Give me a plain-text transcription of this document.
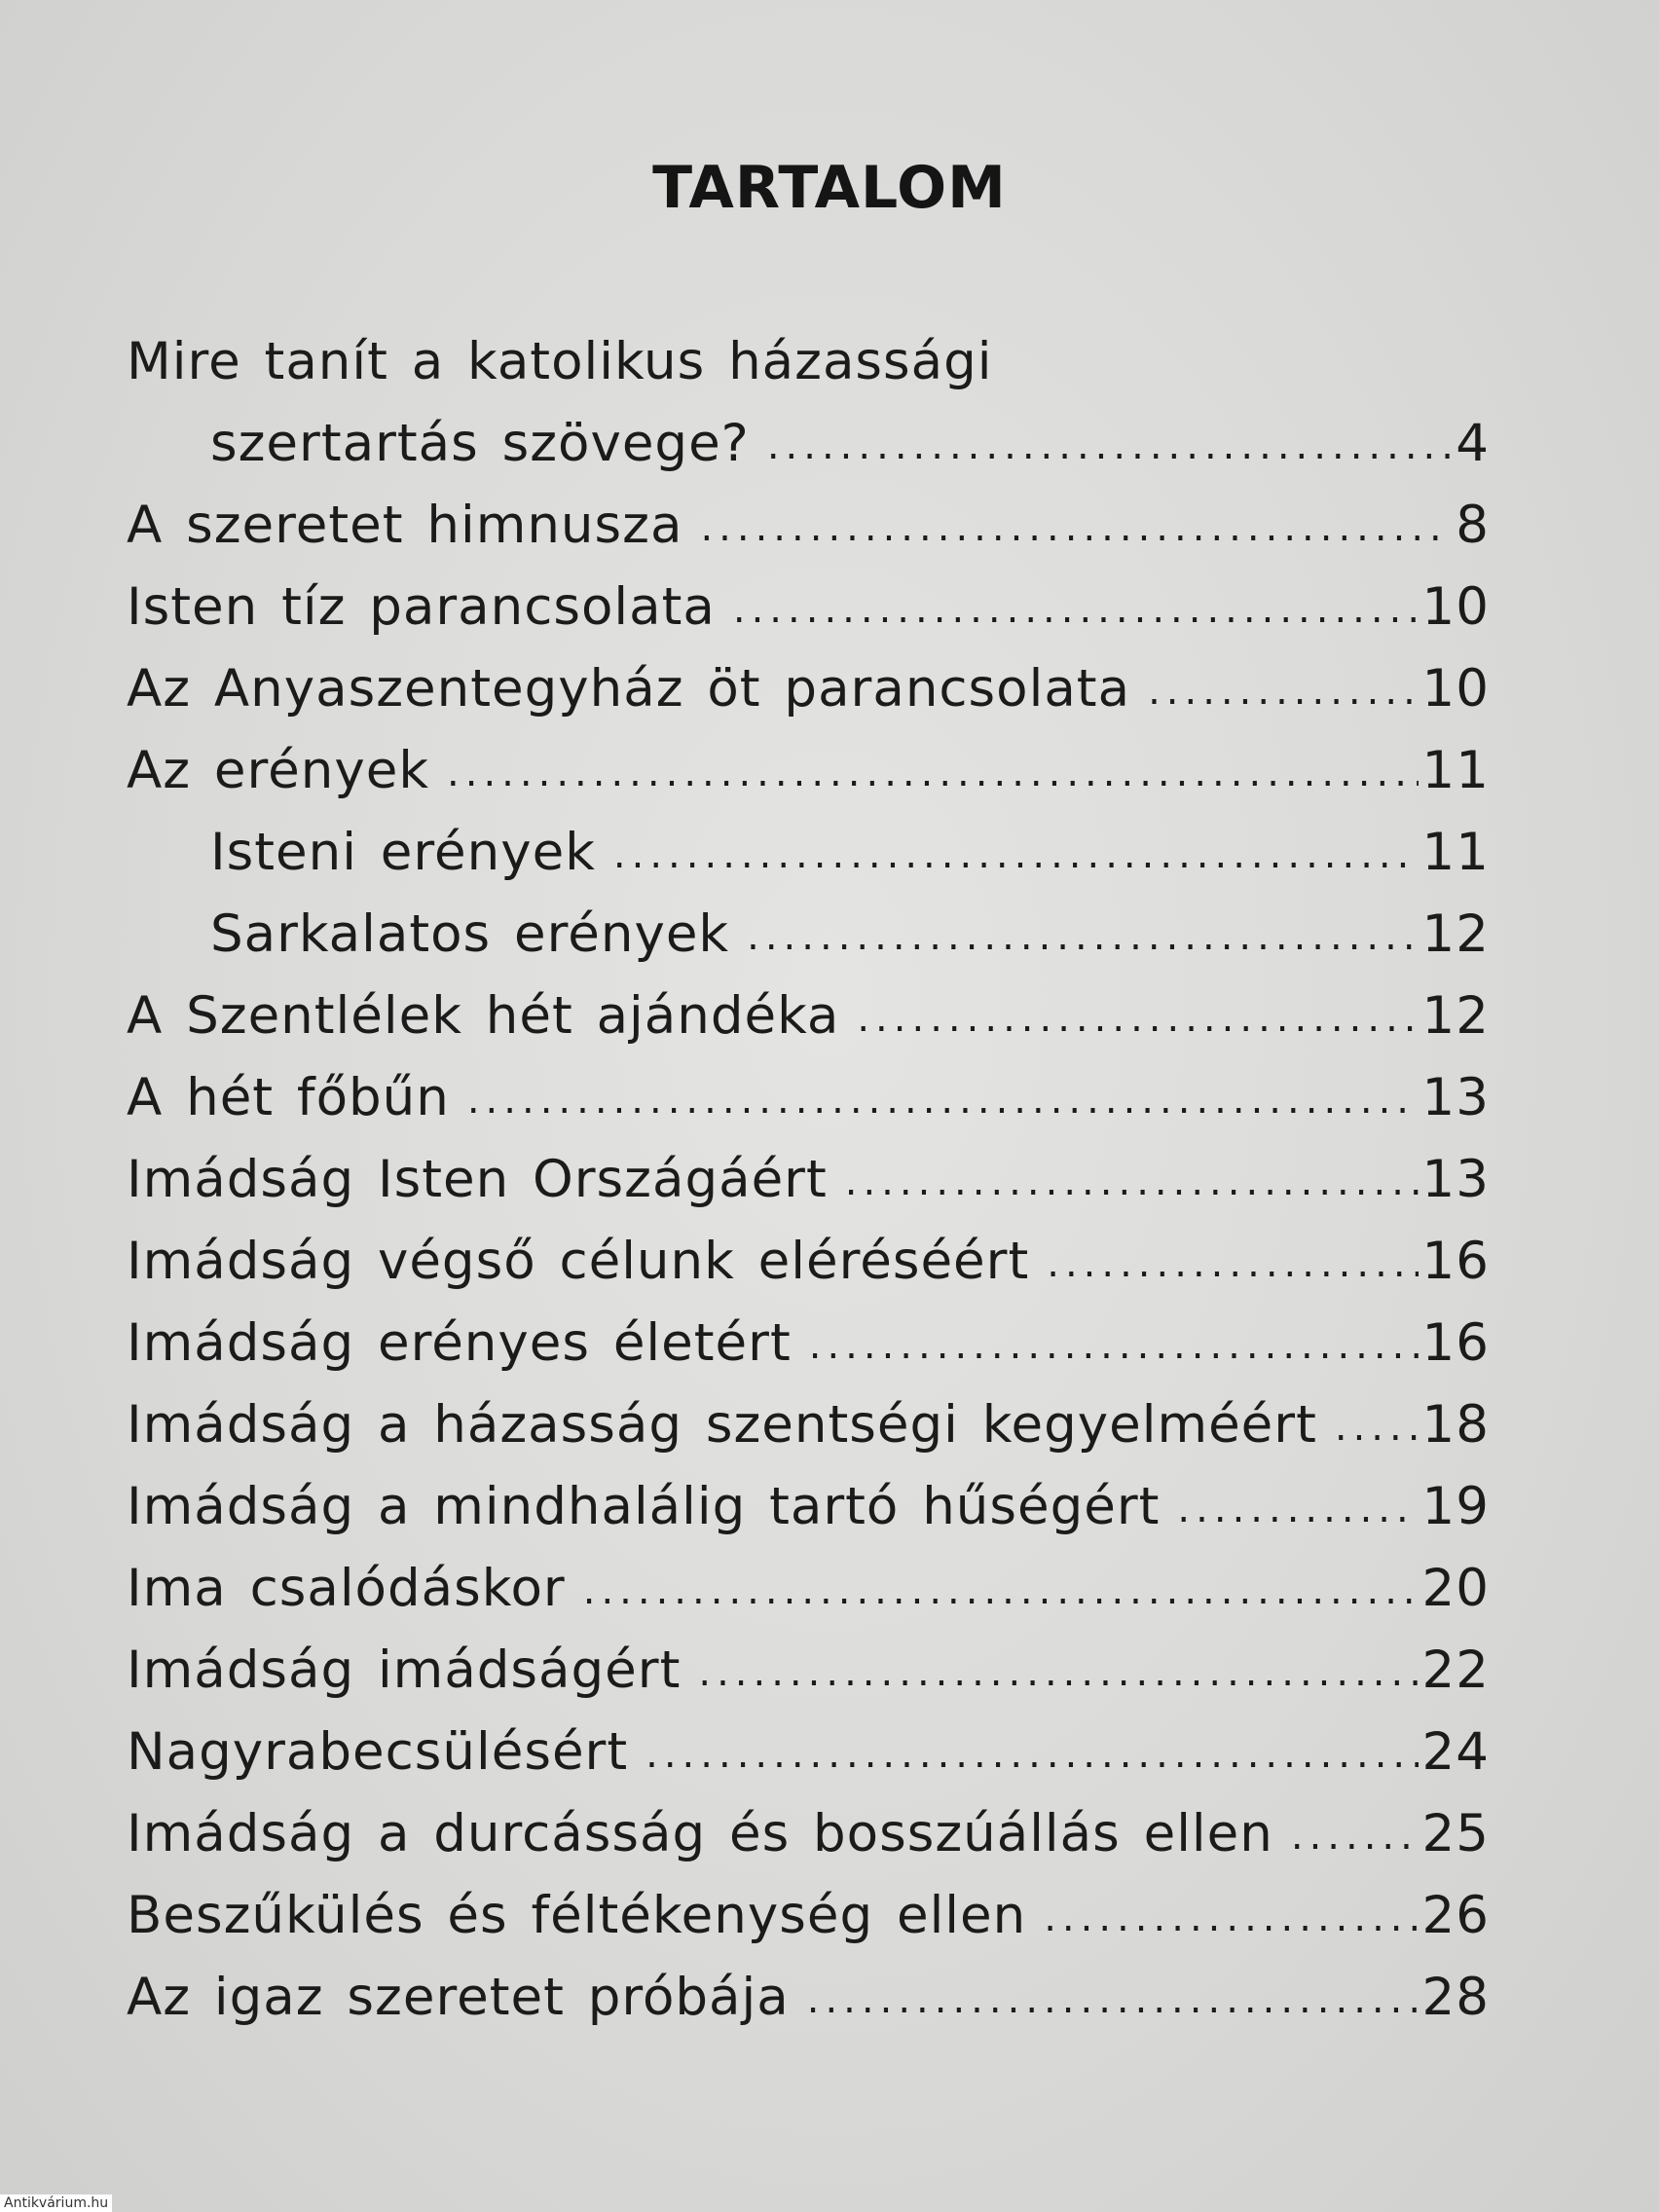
TARTALOM
Mire tanít a katolikus házassági
szertartás szövege? .....	4
A szeretet himnusza .....	8
Isten tíz parancsolata .....	10
Az Anyaszentegyház öt parancsolata .....	10
Az erények .....	11
Isteni erények .....	11
Sarkalatos erények .....	12
A Szentlélek hét ajándéka .....	12
A hét főbűn .....	13
Imádság Isten Országáért .....	13
Imádság végső célunk eléréséért .....	16
Imádság erényes életért .....	16
Imádság a házasság szentségi kegyelméért ..... 18
Imádság a mindhalálig tartó hűségért .....	19
Ima csalódáskor .....	20
Imádság imádságért .....	22
Nagyrabecsülésért .....	24
Imádság a durcásság és bosszúállás ellen .....	25
Beszűkülés és féltékenység ellen .....	26
Az igaz szeretet próbája .....	28
Antikvárium.hu
